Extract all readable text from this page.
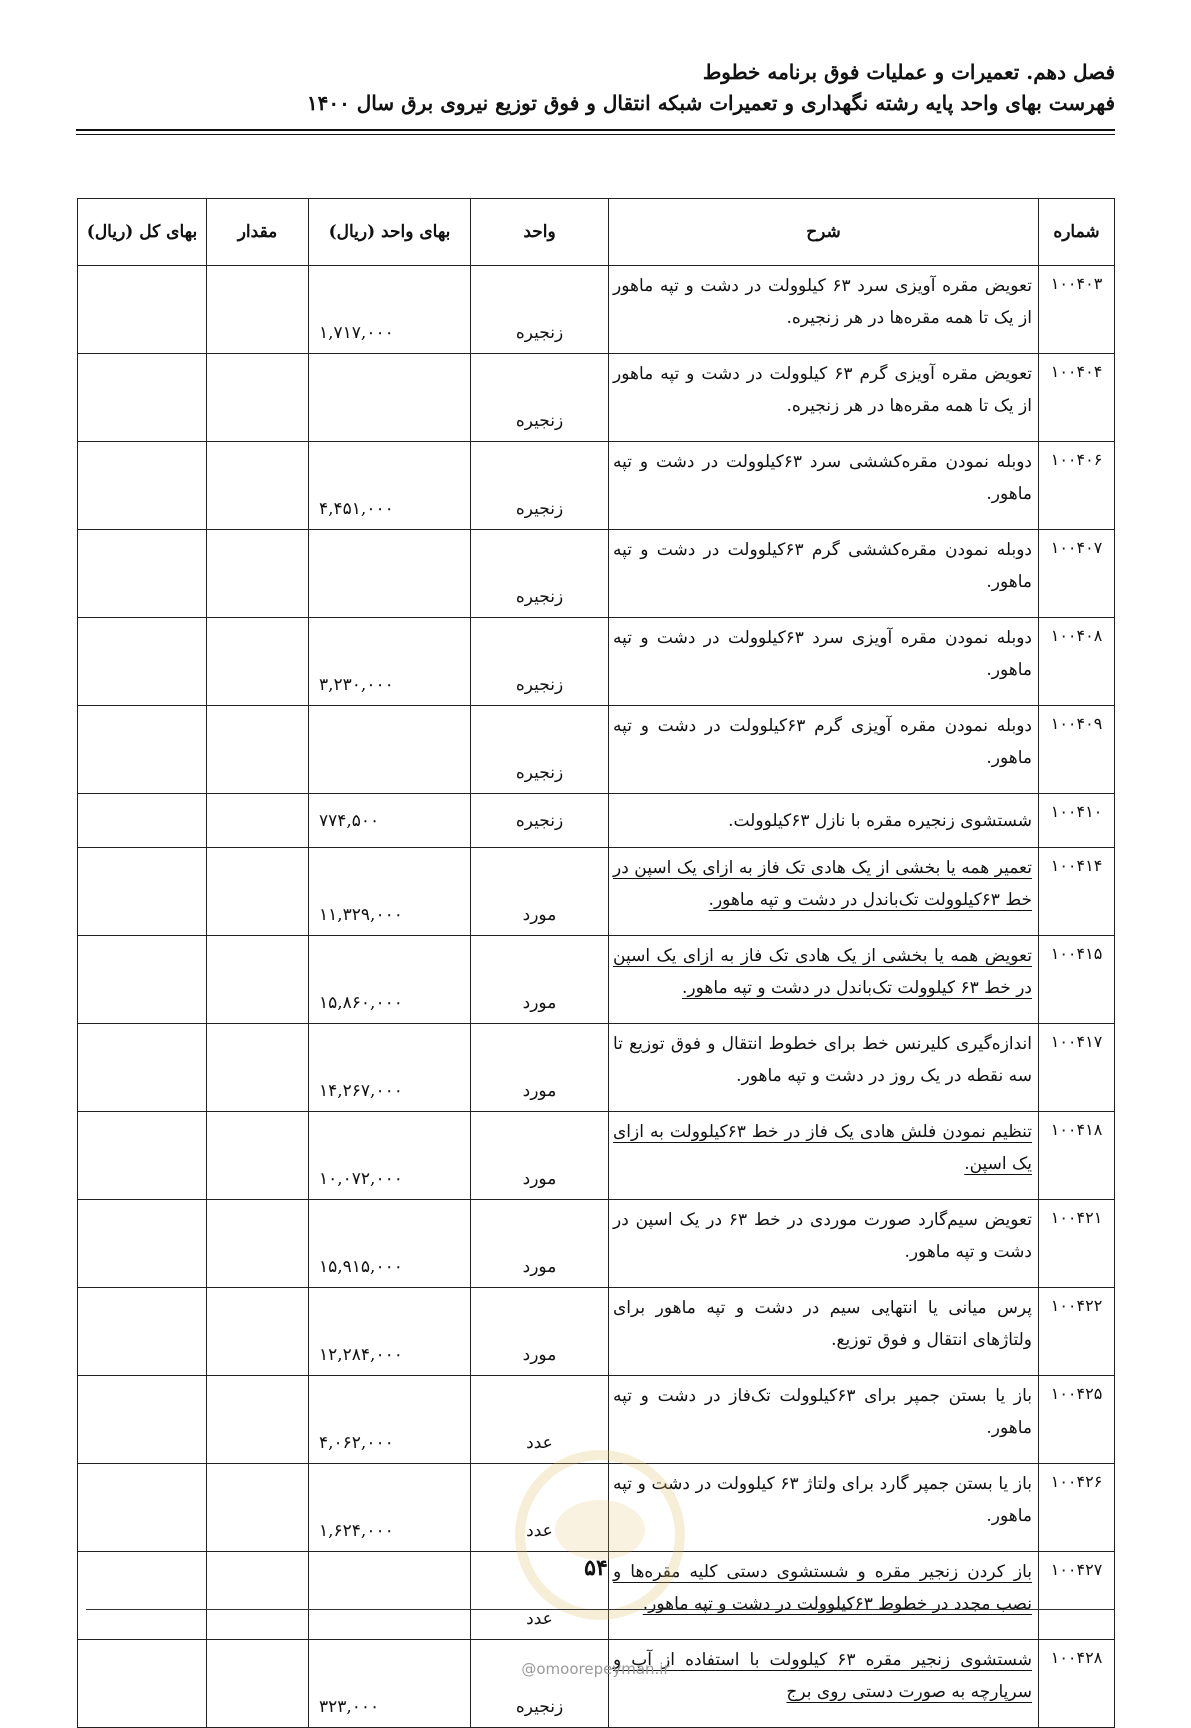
فصل دهم. تعمیرات و عملیات فوق برنامه خطوط
فهرست بهای واحد پایه رشته نگهداری و تعمیرات شبکه انتقال و فوق توزیع نیروی برق سال ۱۴۰۰
شماره	شرح	واحد	بهای واحد (ریال)	مقدار	بهای کل (ریال)
۱۰۰۴۰۳	تعویض مقره آویزی سرد ۶۳ کیلوولت در دشت و تپه ماهور از یک تا همه مقره‌ها در هر زنجیره.	زنجیره	۱,۷۱۷,۰۰۰		
۱۰۰۴۰۴	تعویض مقره آویزی گرم ۶۳ کیلوولت در دشت و تپه ماهور از یک تا همه مقره‌ها در هر زنجیره.	زنجیره			
۱۰۰۴۰۶	دوبله نمودن مقره‌کششی سرد ۶۳کیلوولت در دشت و تپه ماهور.	زنجیره	۴,۴۵۱,۰۰۰		
۱۰۰۴۰۷	دوبله نمودن مقره‌کششی گرم ۶۳کیلوولت در دشت و تپه ماهور.	زنجیره			
۱۰۰۴۰۸	دوبله نمودن مقره آویزی سرد ۶۳کیلوولت در دشت و تپه ماهور.	زنجیره	۳,۲۳۰,۰۰۰		
۱۰۰۴۰۹	دوبله نمودن مقره آویزی گرم ۶۳کیلوولت در دشت و تپه ماهور.	زنجیره			
۱۰۰۴۱۰	شستشوی زنجیره مقره با نازل ۶۳کیلوولت.	زنجیره	۷۷۴,۵۰۰		
۱۰۰۴۱۴	تعمیر همه یا بخشی از یک هادی تک فاز به ازای یک اسپن در خط ۶۳کیلوولت تک‌باندل در دشت و تپه ماهور.	مورد	۱۱,۳۲۹,۰۰۰		
۱۰۰۴۱۵	تعویض همه یا بخشی از یک هادی تک فاز به ازای یک اسپن در خط ۶۳ کیلوولت تک‌باندل در دشت و تپه ماهور.	مورد	۱۵,۸۶۰,۰۰۰		
۱۰۰۴۱۷	اندازه‌گیری کلیرنس خط برای خطوط انتقال و فوق توزیع تا سه نقطه در یک روز در دشت و تپه ماهور.	مورد	۱۴,۲۶۷,۰۰۰		
۱۰۰۴۱۸	تنظیم نمودن فلش هادی یک فاز در خط ۶۳کیلوولت به ازای یک اسپن.	مورد	۱۰,۰۷۲,۰۰۰		
۱۰۰۴۲۱	تعویض سیم‌گارد صورت موردی در خط ۶۳ در یک اسپن در دشت و تپه ماهور.	مورد	۱۵,۹۱۵,۰۰۰		
۱۰۰۴۲۲	پرس میانی یا انتهایی سیم در دشت و تپه ماهور برای ولتاژهای انتقال و فوق توزیع.	مورد	۱۲,۲۸۴,۰۰۰		
۱۰۰۴۲۵	باز یا بستن جمپر برای ۶۳کیلوولت تک‌فاز در دشت و تپه ماهور.	عدد	۴,۰۶۲,۰۰۰		
۱۰۰۴۲۶	باز یا بستن جمپر گارد برای ولتاژ ۶۳ کیلوولت در دشت و تپه ماهور.	عدد	۱,۶۲۴,۰۰۰		
۱۰۰۴۲۷	باز کردن زنجیر مقره و شستشوی دستی کلیه مقره‌ها و نصب مجدد در خطوط ۶۳کیلوولت در دشت و تپه ماهور.	عدد			
۱۰۰۴۲۸	شستشوی زنجیر مقره ۶۳ کیلوولت با استفاده از آب و سرپارچه به صورت دستی روی برج	زنجیره	۳۲۳,۰۰۰		
۵۴
@omoorepeyman.ir
